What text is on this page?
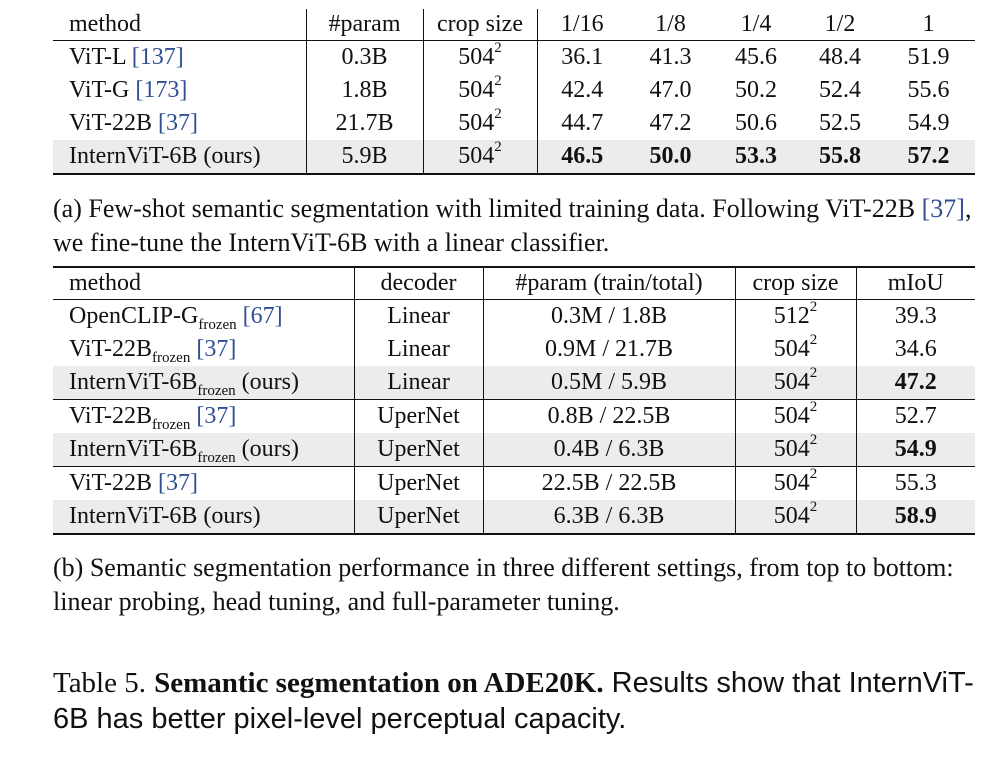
method	#param	crop size	1/16	1/8	1/4	1/2	1
ViT-L [137]	0.3B	$504^2$	36.1	41.3	45.6	48.4	51.9
ViT-G [173]	1.8B	$504^2$	42.4	47.0	50.2	52.4	55.6
ViT-22B [37]	21.7B	$504^2$	44.7	47.2	50.6	52.5	54.9
InternViT-6B (ours)	5.9B	$504^2$	46.5	50.0	53.3	55.8	57.2
(a) Few-shot semantic segmentation with limited training data. Following ViT-22B [37], we fine-tune the InternViT-6B with a linear classifier.
method	decoder	#param (train/total)	crop size	mIoU
OpenCLIP-$G_{frozen}$ [67]	Linear	0.3M / 1.8B	$512^2$	39.3
ViT-$22B_{frozen}$ [37]	Linear	0.9M / 21.7B	$504^2$	34.6
InternViT-$6B_{frozen}$ (ours)	Linear	0.5M / 5.9B	$504^2$	47.2
ViT-$22B_{frozen}$ [37]	UperNet	0.8B / 22.5B	$504^2$	52.7
InternViT-$6B_{frozen}$ (ours)	UperNet	0.4B / 6.3B	$504^2$	54.9
ViT-22B [37]	UperNet	22.5B / 22.5B	$504^2$	55.3
InternViT-6B (ours)	UperNet	6.3B / 6.3B	$504^2$	58.9
(b) Semantic segmentation performance in three different settings, from top to bottom: linear probing, head tuning, and full-parameter tuning.
Table 5. Semantic segmentation on ADE20K. Results show that InternViT-6B has better pixel-level perceptual capacity.
